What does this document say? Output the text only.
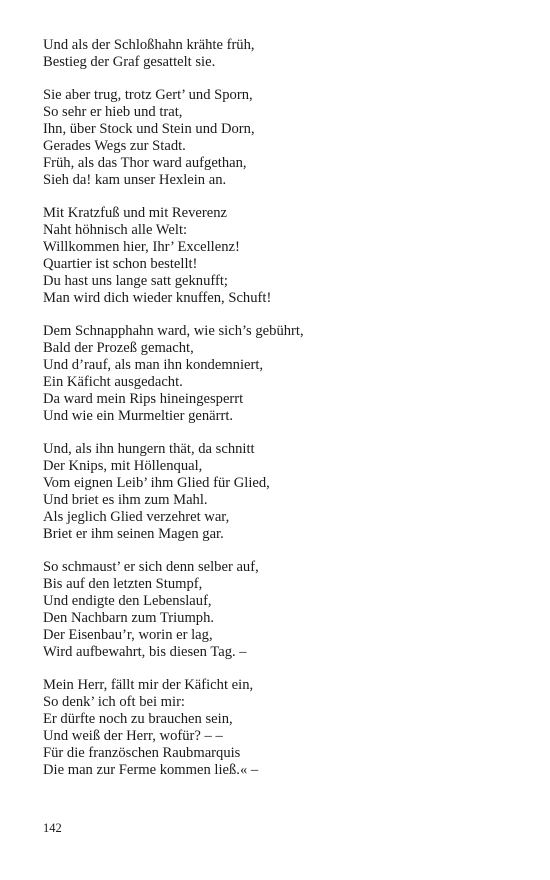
Und als der Schloßhahn krähte früh,
Bestieg der Graf gesattelt sie.
Sie aber trug, trotz Gert’ und Sporn,
So sehr er hieb und trat,
Ihn, über Stock und Stein und Dorn,
Gerades Wegs zur Stadt.
Früh, als das Thor ward aufgethan,
Sieh da! kam unser Hexlein an.
Mit Kratzfuß und mit Reverenz
Naht höhnisch alle Welt:
Willkommen hier, Ihr’ Excellenz!
Quartier ist schon bestellt!
Du hast uns lange satt geknufft;
Man wird dich wieder knuffen, Schuft!
Dem Schnapphahn ward, wie sich’s gebührt,
Bald der Prozeß gemacht,
Und d’rauf, als man ihn kondemniert,
Ein Käficht ausgedacht.
Da ward mein Rips hineingesperrt
Und wie ein Murmeltier genärrt.
Und, als ihn hungern thät, da schnitt
Der Knips, mit Höllenqual,
Vom eignen Leib’ ihm Glied für Glied,
Und briet es ihm zum Mahl.
Als jeglich Glied verzehret war,
Briet er ihm seinen Magen gar.
So schmaust’ er sich denn selber auf,
Bis auf den letzten Stumpf,
Und endigte den Lebenslauf,
Den Nachbarn zum Triumph.
Der Eisenbau’r, worin er lag,
Wird aufbewahrt, bis diesen Tag. –
Mein Herr, fällt mir der Käficht ein,
So denk’ ich oft bei mir:
Er dürfte noch zu brauchen sein,
Und weiß der Herr, wofür? – –
Für die französchen Raubmarquis
Die man zur Ferme kommen ließ.« –
142
